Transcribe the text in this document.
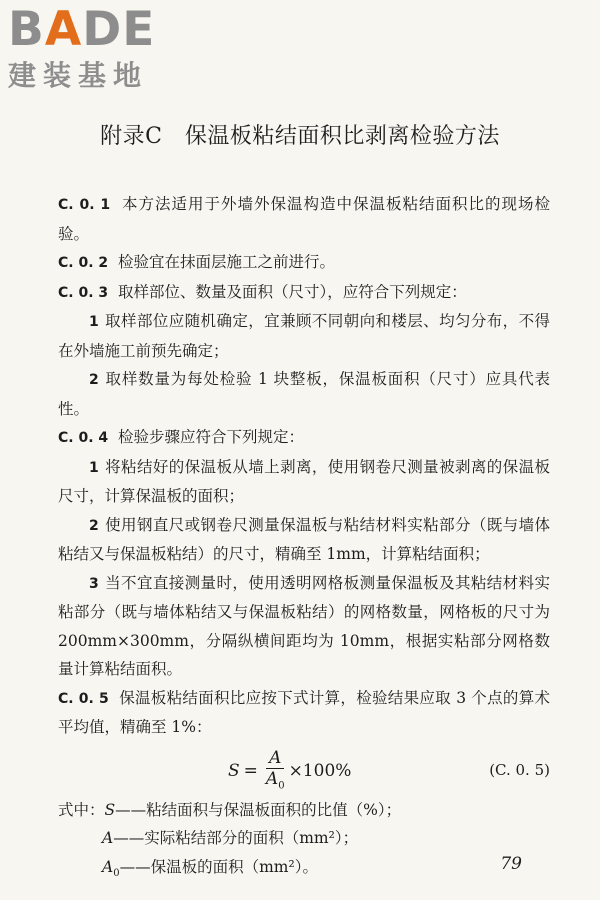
BADE
建装基地
附录C　保温板粘结面积比剥离检验方法

C. 0. 1 本方法适用于外墙外保温构造中保温板粘结面积比的现场检验。

C. 0. 2 检验宜在抹面层施工之前进行。

C. 0. 3 取样部位、数量及面积（尺寸），应符合下列规定：

1 取样部位应随机确定，宜兼顾不同朝向和楼层、均匀分布，不得在外墙施工前预先确定；

2 取样数量为每处检验 1 块整板，保温板面积（尺寸）应具代表性。

C. 0. 4 检验步骤应符合下列规定：

1 将粘结好的保温板从墙上剥离，使用钢卷尺测量被剥离的保温板尺寸，计算保温板的面积；

2 使用钢直尺或钢卷尺测量保温板与粘结材料实粘部分（既与墙体粘结又与保温板粘结）的尺寸，精确至 1mm，计算粘结面积；

3 当不宜直接测量时，使用透明网格板测量保温板及其粘结材料实粘部分（既与墙体粘结又与保温板粘结）的网格数量，网格板的尺寸为 200mm×300mm，分隔纵横间距均为 10mm，根据实粘部分网格数量计算粘结面积。

C. 0. 5 保温板粘结面积比应按下式计算，检验结果应取 3 个点的算术平均值，精确至 1%：

$S = \frac{A}{A_0} \times 100\%$	(C. 0. 5)

式中：S——粘结面积与保温板面积的比值（%）；

A——实际粘结部分的面积（mm²）；

$A_0——$保温板的面积（mm²）。	79
